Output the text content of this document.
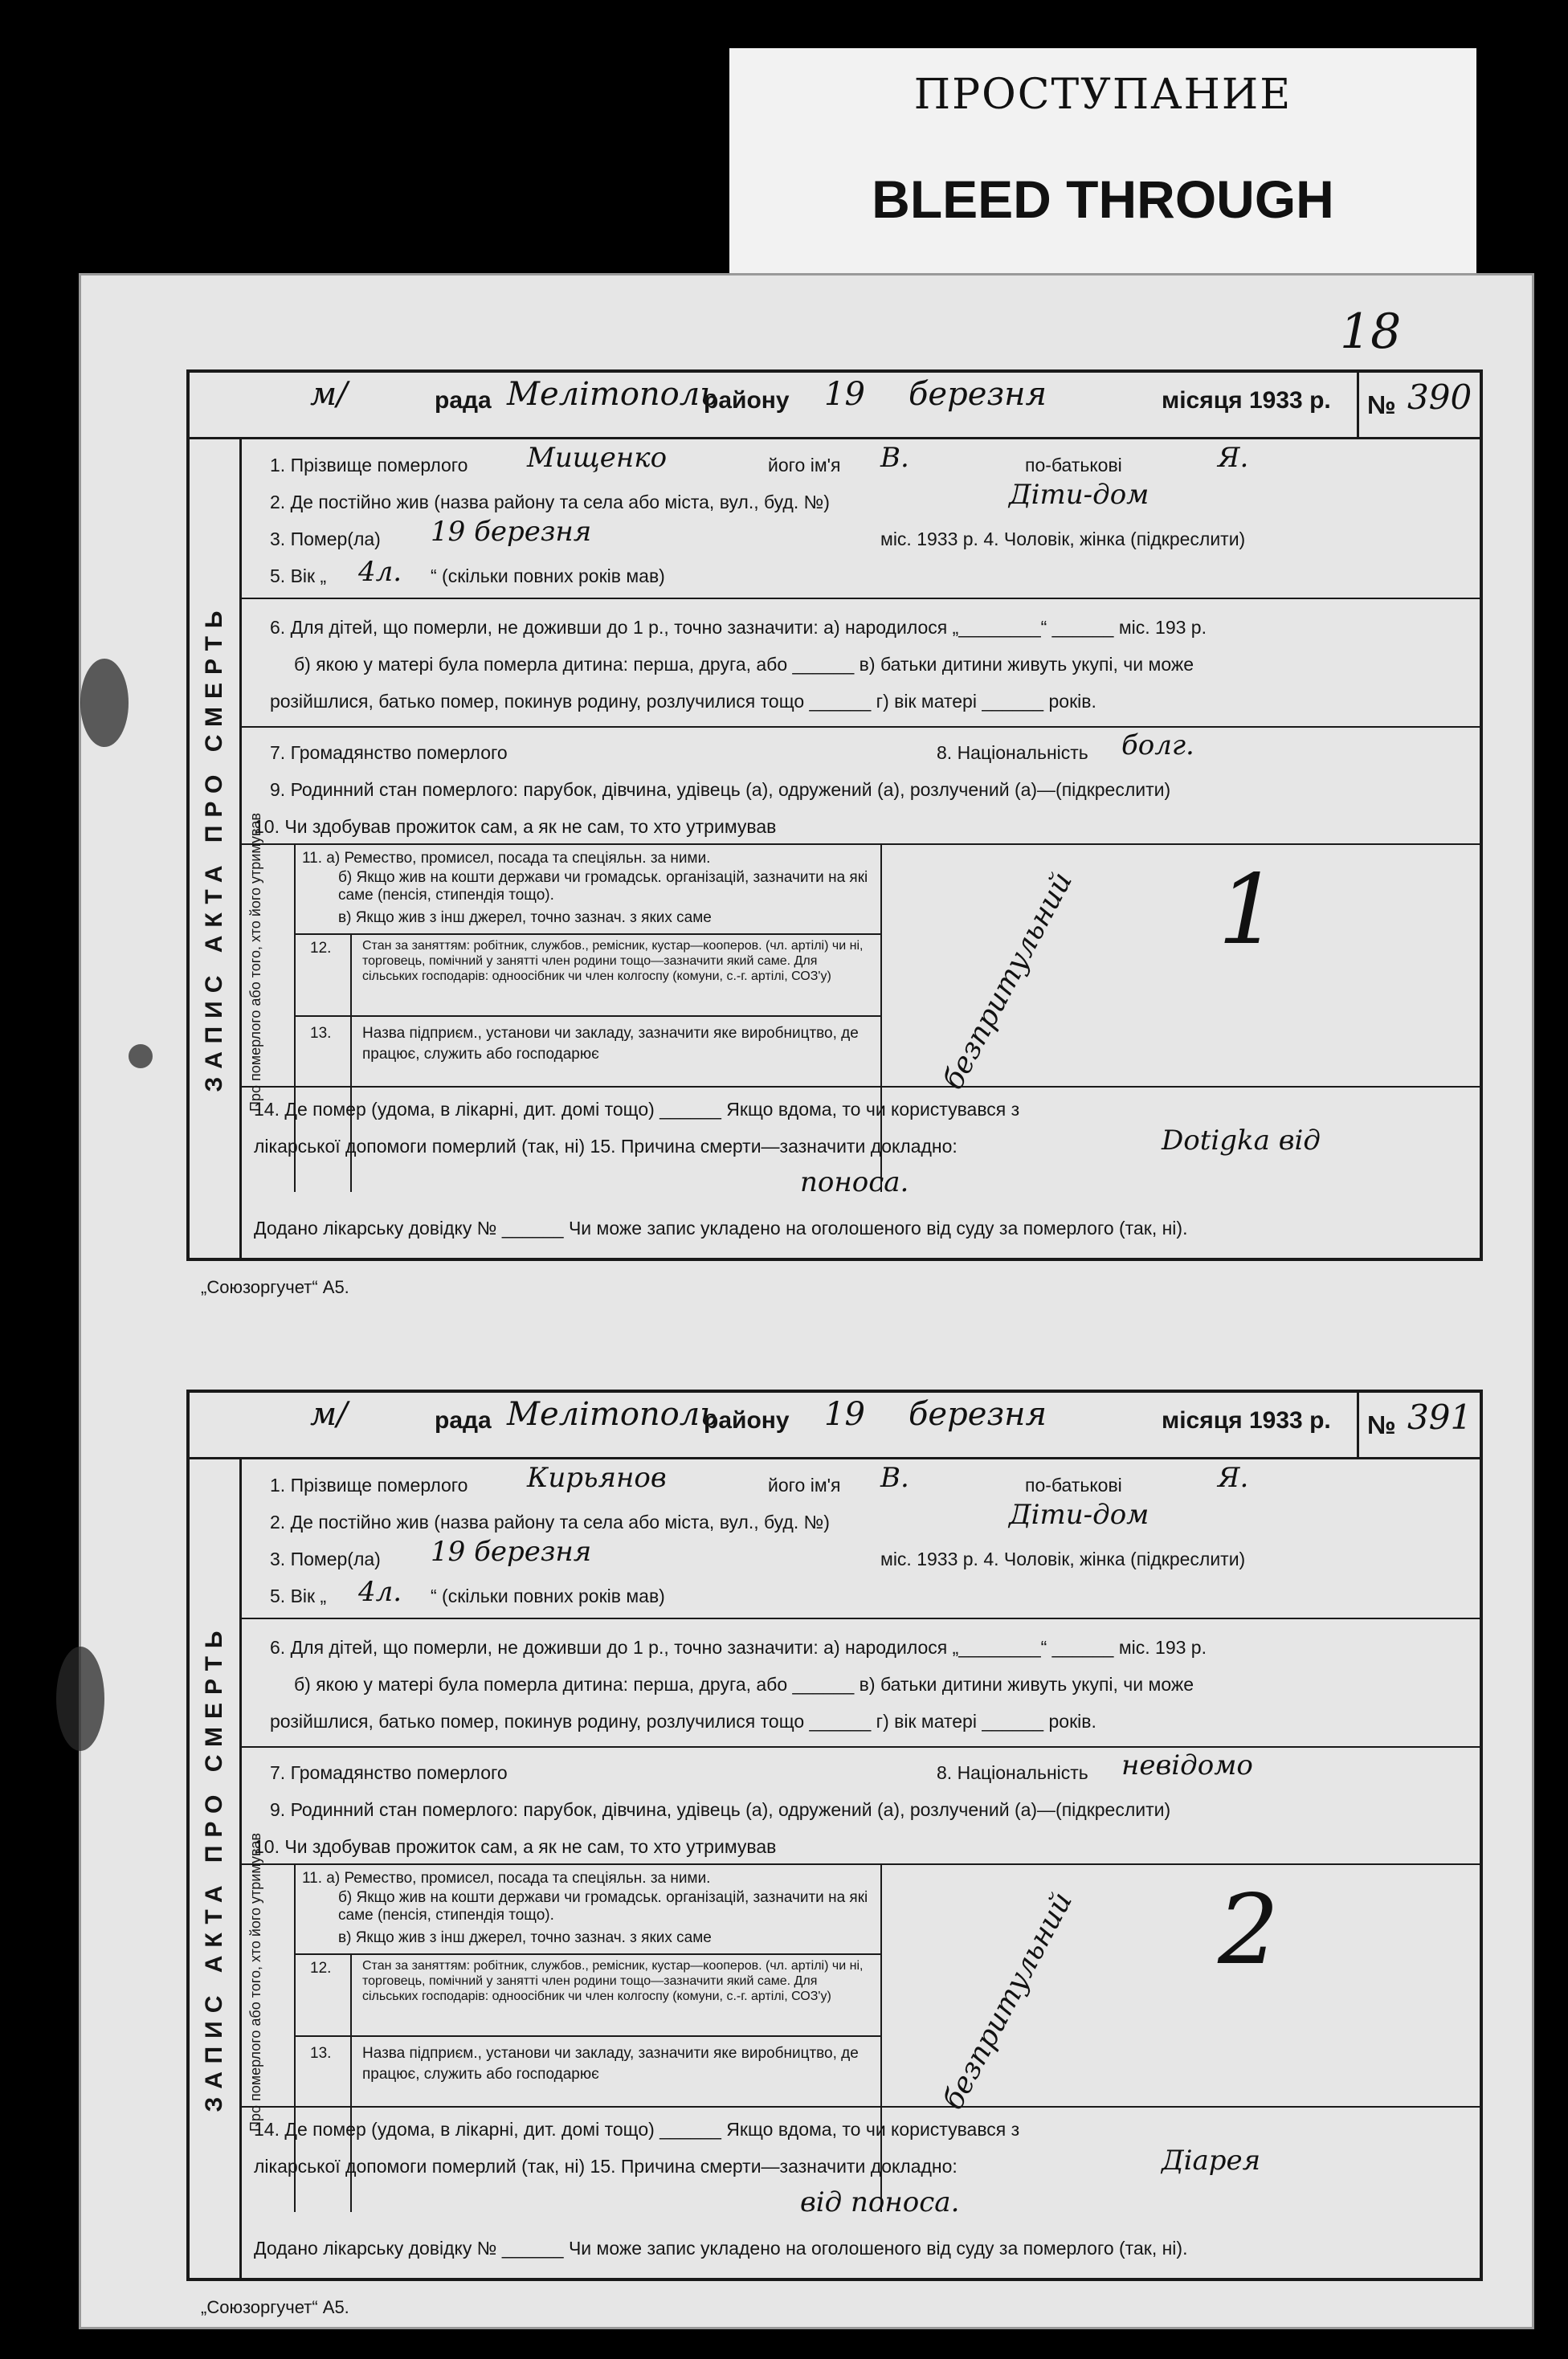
ПРОСТУПАНИЕ
BLEED THROUGH
18
м/	рада Мелітополь
району 19 березня	місяця 1933 р. № 390
ЗАПИС АКТА ПРО СМЕРТЬ
1. Прізвище померлого Мищенко	його ім'я В.	по-батькові	Я.
2. Де постійно жив (назва району та села або міста, вул., буд. №)	Діти-дом
3. Помер(ла) 19 березня	міс. 1933 р. 4. Чоловік, жінка (підкреслити)
5. Вік „ 4л. “ (скільки повних років мав)
6. Для дітей, що померли, не доживши до 1 р., точно зазначити: а) народилося „________“ ______ міс. 193 р.
б) якою у матері була померла дитина: перша, друга, або ______ в) батьки дитини живуть укупі, чи може
розійшлися, батько помер, покинув родину, розлучилися тощо ______ г) вік матері ______ років.
7. Громадянство померлого	8. Національність болг.
9. Родинний стан померлого: парубок, дівчина, удівець (а), одружений (а), розлучений (а)—(підкреслити)
10. Чи здобував прожиток сам, а як не сам, то хто утримував
Про померлого або того, хто його утримував	11. а) Ремество, промисел, посада та спеціяльн. за ними.
б) Якщо жив на кошти держави чи громадськ. організацій, зазначити на які саме (пенсія, стипендія тощо).
в) Якщо жив з інш джерел, точно зазнач. з яких саме
12. Стан за заняттям: робітник, службов., ремісник, кустар—кооперов. (чл. артілі) чи ні, торговець, помічний у занятті член родини тощо—зазначити який саме. Для сільських господарів: одноосібник чи член колгоспу (комуни, с.-г. артілі, СОЗ'у)
13. Назва підприєм., установи чи закладу, зазначити яке виробництво, де працює, служить або господарює	безпритульний 1
14. Де помер (удома, в лікарні, дит. домі тощо) ______ Якщо вдома, то чи користувався з
лікарської допомоги померлий (так, ні) 15. Причина смерти—зазначити докладно:	Dotigka від
поноса.
Додано лікарську довідку № ______ Чи може запис укладено на оголошеного від суду за померлого (так, ні).
„Союзоргучет“ А5.
м/	рада Мелітополь
району 19 березня	місяця 1933 р. № 391
ЗАПИС АКТА ПРО СМЕРТЬ
1. Прізвище померлого Кирьянов	його ім'я В.	по-батькові	Я.
2. Де постійно жив (назва району та села або міста, вул., буд. №)	Діти-дом
3. Помер(ла) 19 березня	міс. 1933 р. 4. Чоловік, жінка (підкреслити)
5. Вік „ 4л. “ (скільки повних років мав)
6. Для дітей, що померли, не доживши до 1 р., точно зазначити: а) народилося „________“ ______ міс. 193 р.
б) якою у матері була померла дитина: перша, друга, або ______ в) батьки дитини живуть укупі, чи може
розійшлися, батько помер, покинув родину, розлучилися тощо ______ г) вік матері ______ років.
7. Громадянство померлого	8. Національність невідомо
9. Родинний стан померлого: парубок, дівчина, удівець (а), одружений (а), розлучений (а)—(підкреслити)
10. Чи здобував прожиток сам, а як не сам, то хто утримував
Про померлого або того, хто його утримував	11. а) Ремество, промисел, посада та спеціяльн. за ними.
б) Якщо жив на кошти держави чи громадськ. організацій, зазначити на які саме (пенсія, стипендія тощо).
в) Якщо жив з інш джерел, точно зазнач. з яких саме
12. Стан за заняттям: робітник, службов., ремісник, кустар—кооперов. (чл. артілі) чи ні, торговець, помічний у занятті член родини тощо—зазначити який саме. Для сільських господарів: одноосібник чи член колгоспу (комуни, с.-г. артілі, СОЗ'у)
13. Назва підприєм., установи чи закладу, зазначити яке виробництво, де працює, служить або господарює	безпритульний 2
14. Де помер (удома, в лікарні, дит. домі тощо) ______ Якщо вдома, то чи користувався з
лікарської допомоги померлий (так, ні) 15. Причина смерти—зазначити докладно:	Діарея
від поноса.
Додано лікарську довідку № ______ Чи може запис укладено на оголошеного від суду за померлого (так, ні).
„Союзоргучет“ А5.
